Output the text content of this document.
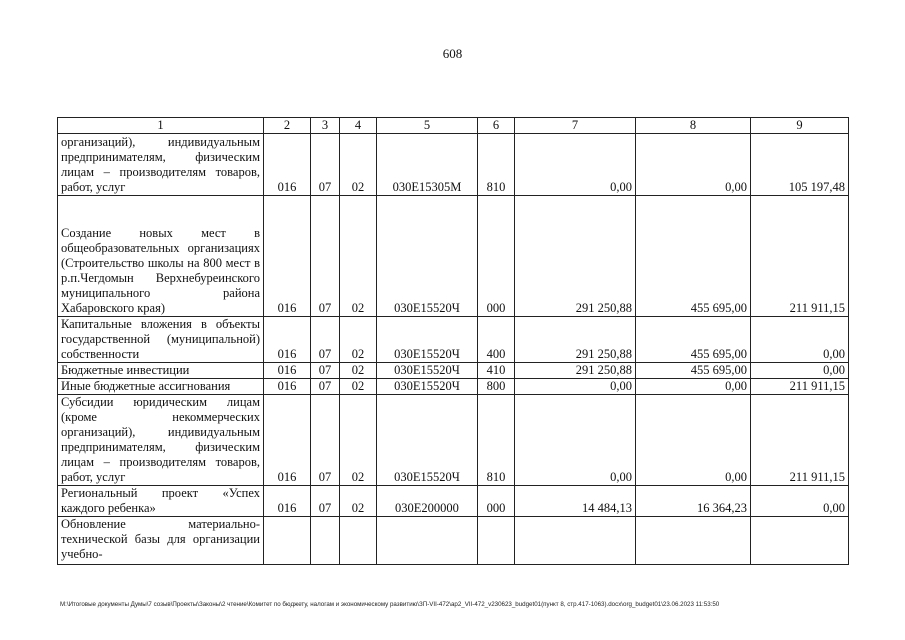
608
1	2	3	4	5	6	7	8	9
организаций), индивидуальным предпринимателям, физическим лицам – производителям товаров, работ, услуг	016	07	02	030E15305M	810	0,00	0,00	105 197,48
Создание новых мест в общеобразовательных организациях (Строительство школы на 800 мест в р.п.Чегдомын Верхнебуреинского муниципального района Хабаровского края)	016	07	02	030E15520Ч	000	291 250,88	455 695,00	211 911,15
Капитальные вложения в объекты государственной (муниципальной) собственности	016	07	02	030E15520Ч	400	291 250,88	455 695,00	0,00
Бюджетные инвестиции	016	07	02	030E15520Ч	410	291 250,88	455 695,00	0,00
Иные бюджетные ассигнования	016	07	02	030E15520Ч	800	0,00	0,00	211 911,15
Субсидии юридическим лицам (кроме некоммерческих организаций), индивидуальным предпринимателям, физическим лицам – производителям товаров, работ, услуг	016	07	02	030E15520Ч	810	0,00	0,00	211 911,15
Региональный проект «Успех каждого ребенка»	016	07	02	030E200000	000	14 484,13	16 364,23	0,00
Обновление материально-технической базы для организации учебно-								
М:\Итоговые документы Думы\7 созыв\Проекты\Законы\2 чтение\Комитет по бюджету, налогам и экономическому развитию\ЗП-VII-472\ap2_VII-472_v230623_budget01(пункт 8, стр.417-1063).docx\org_budget01\23.06.2023 11:53:50
